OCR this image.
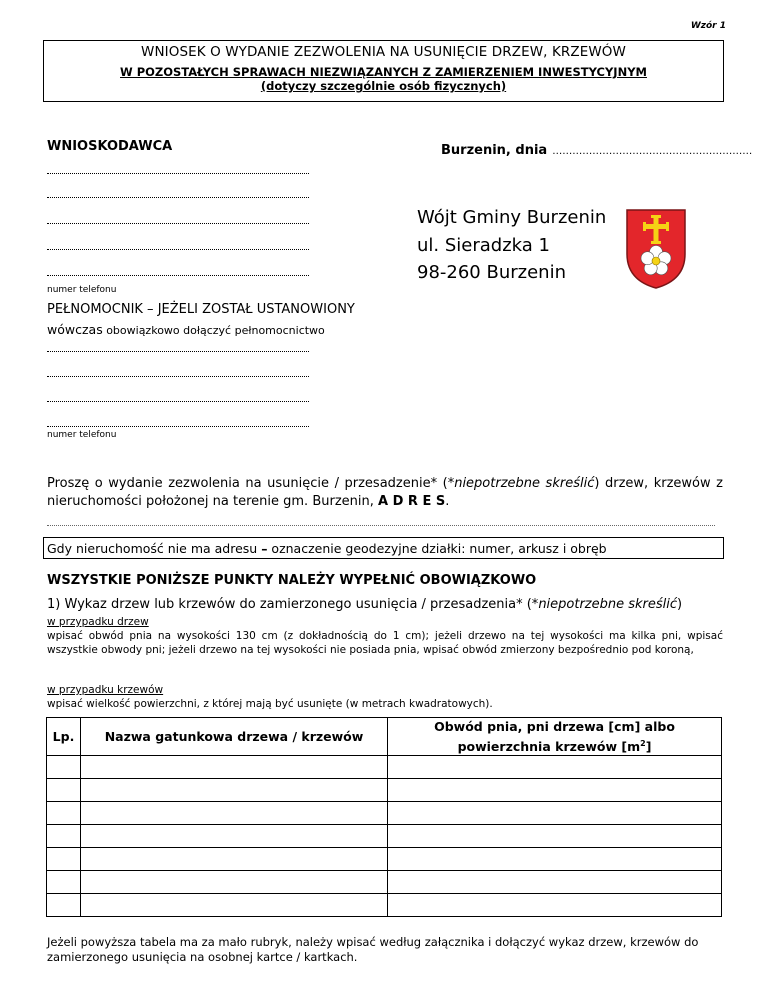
Wzór 1
WNIOSEK O WYDANIE ZEZWOLENIA NA USUNIĘCIE DRZEW, KRZEWÓW
W POZOSTAŁYCH SPRAWACH NIEZWIĄZANYCH Z ZAMIERZENIEM INWESTYCYJNYM
(dotyczy szczególnie osób fizycznych)
WNIOSKODAWCA	Burzenin, dnia ……………………………………………………
numer telefonu
Wójt Gminy Burzenin
ul. Sieradzka 1
98-260 Burzenin
PEŁNOMOCNIK – JEŻELI ZOSTAŁ USTANOWIONY
wówczas obowiązkowo dołączyć pełnomocnictwo
numer telefonu
Proszę o wydanie zezwolenia na usunięcie / przesadzenie* (*niepotrzebne skreślić) drzew, krzewów z nieruchomości położonej na terenie gm. Burzenin, A D R E S.
Gdy nieruchomość nie ma adresu – oznaczenie geodezyjne działki: numer, arkusz i obręb
WSZYSTKIE PONIŻSZE PUNKTY NALEŻY WYPEŁNIĆ OBOWIĄZKOWO
1) Wykaz drzew lub krzewów do zamierzonego usunięcia / przesadzenia* (*niepotrzebne skreślić)
w przypadku drzew
wpisać obwód pnia na wysokości 130 cm (z dokładnością do 1 cm); jeżeli drzewo na tej wysokości ma kilka pni, wpisać wszystkie obwody pni; jeżeli drzewo na tej wysokości nie posiada pnia, wpisać obwód zmierzony bezpośrednio pod koroną,
w przypadku krzewów
wpisać wielkość powierzchni, z której mają być usunięte (w metrach kwadratowych).
Lp.	Nazwa gatunkowa drzewa / krzewów	Obwód pnia, pni drzewa [cm] albo
powierzchnia krzewów $[m^2]$

Jeżeli powyższa tabela ma za mało rubryk, należy wpisać według załącznika i dołączyć wykaz drzew, krzewów do zamierzonego usunięcia na osobnej kartce / kartkach.
